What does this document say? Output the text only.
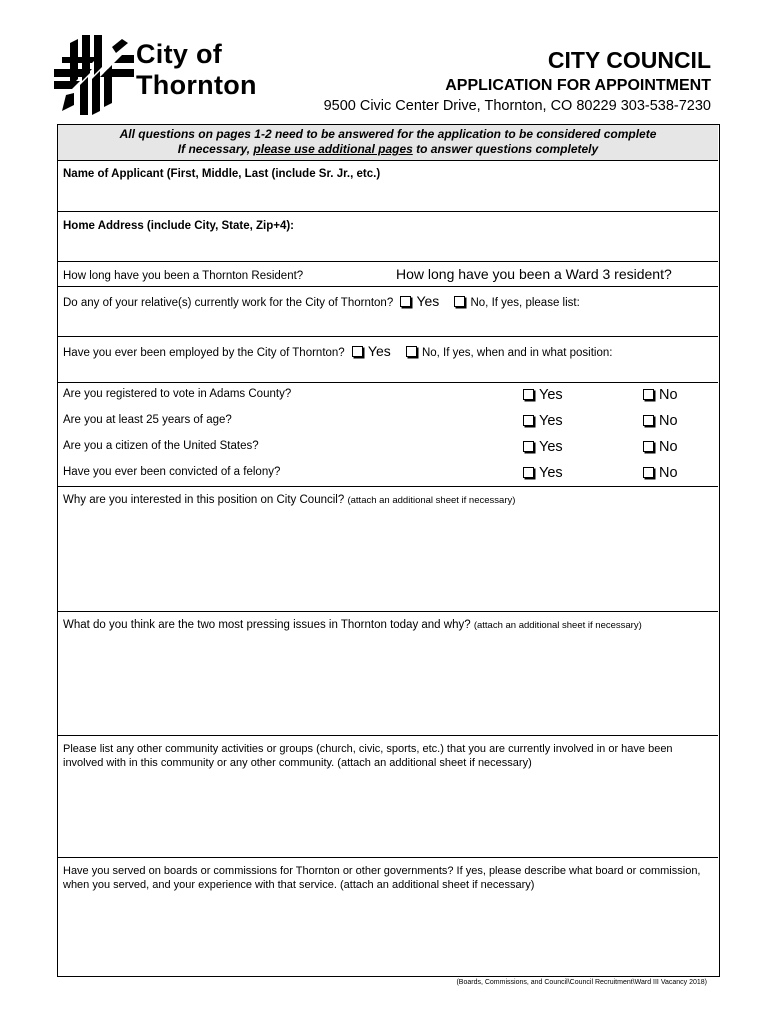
City of
Thornton
CITY COUNCIL
APPLICATION FOR APPOINTMENT
9500 Civic Center Drive, Thornton, CO 80229 303-538-7230
All questions on pages 1-2 need to be answered for the application to be considered complete
If necessary, please use additional pages to answer questions completely
Name of Applicant (First, Middle, Last (include Sr. Jr., etc.)
Home Address (include City, State, Zip+4):
How long have you been a Thornton Resident?	How long have you been a Ward 3 resident?
Do any of your relative(s) currently work for the City of Thornton? Yes	No, If yes, please list:
Have you ever been employed by the City of Thornton? Yes	No, If yes, when and in what position:
Are you registered to vote in Adams County?	Yes	No
Are you at least 25 years of age?	Yes	No
Are you a citizen of the United States?	Yes	No
Have you ever been convicted of a felony?	Yes	No
Why are you interested in this position on City Council? (attach an additional sheet if necessary)
What do you think are the two most pressing issues in Thornton today and why? (attach an additional sheet if necessary)
Please list any other community activities or groups (church, civic, sports, etc.) that you are currently involved in or have been involved with in this community or any other community. (attach an additional sheet if necessary)
Have you served on boards or commissions for Thornton or other governments? If yes, please describe what board or commission, when you served, and your experience with that service. (attach an additional sheet if necessary)
(Boards, Commissions, and Council\Council Recruitment\Ward III Vacancy 2018)
